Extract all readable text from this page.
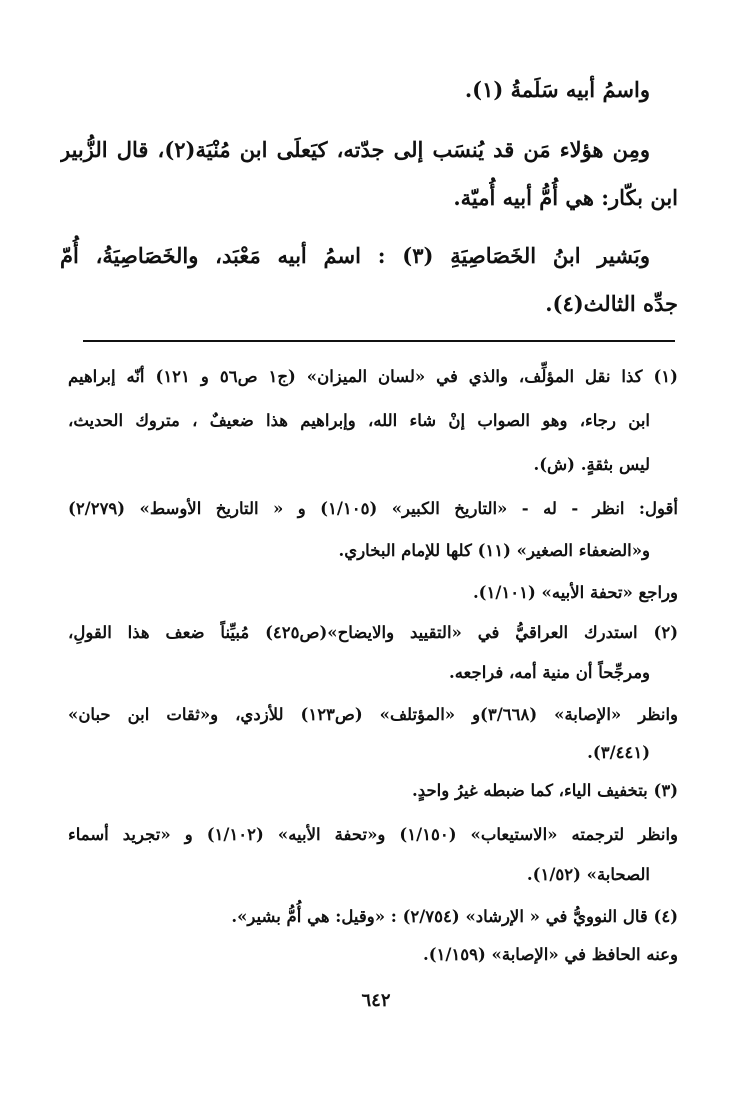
واسمُ أبيه سَلَمةُ (١).
ومِن هؤلاء مَن قد يُنسَب إلى جدّته، كيَعلَى ابن مُنْيَة(٢)، قال الزُّبير
ابن بكّار: هي أُمُّ أبيه أُميّة.
وبَشير ابنُ الخَصَاصِيَةِ (٣) : اسمُ أبيه مَعْبَد، والخَصَاصِيَةُ، أُمّ
جدِّه الثالث(٤).
(١) كذا نقل المؤلِّف، والذي في «لسان الميزان» (ج١ ص٥٦ و ١٢١) أنّه إبراهيم
ابن رجاء، وهو الصواب إنْ شاء الله، وإبراهيم هذا ضعيفٌ ، متروك الحديث،
ليس بثقةٍ. (ش).
أقول: انظر - له - «التاريخ الكبير» (١/١٠٥) و « التاريخ الأوسط» (٢/٢٧٩)
و«الضعفاء الصغير» (١١) كلها للإمام البخاري.
وراجع «تحفة الأبيه» (١/١٠١).
(٢) استدرك العراقيُّ في «التقييد والايضاح»(ص٤٢٥) مُبيِّناً ضعف هذا القولِ،
ومرجِّحاً أن منية أمه، فراجعه.
وانظر «الإصابة» (٣/٦٦٨)و «المؤتلف» (ص١٢٣) للأزدي، و«ثقات ابن حبان»
(٣/٤٤١).
(٣) بتخفيف الياء، كما ضبطه غيرُ واحدٍ.
وانظر لترجمته «الاستيعاب» (١/١٥٠) و«تحفة الأبيه» (١/١٠٢) و «تجريد أسماء
الصحابة» (١/٥٢).
(٤) قال النوويُّ في « الإرشاد» (٢/٧٥٤) : «وقيل: هي أُمُّ بشير».
وعنه الحافظ في «الإصابة» (١/١٥٩).
٦٤٢
